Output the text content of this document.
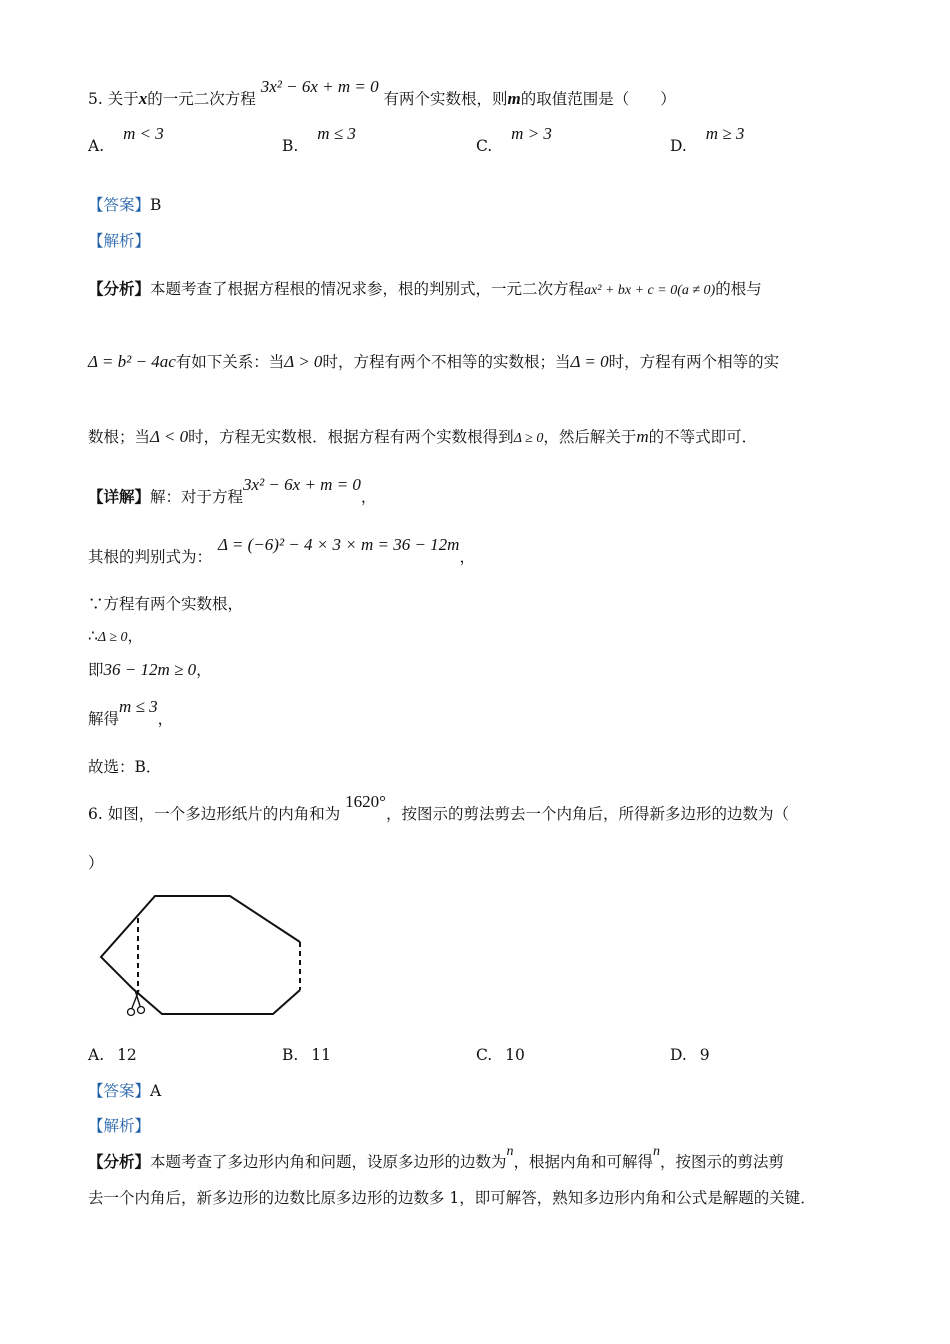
5. 关于x的一元二次方程 3x² − 6x + m = 0 有两个实数根，则m的取值范围是（　　）
A. m < 3
B. m ≤ 3
C. m > 3
D. m ≥ 3
【答案】B
【解析】
【分析】本题考查了根据方程根的情况求参，根的判别式，一元二次方程ax² + bx + c = 0(a ≠ 0)的根与
Δ = b² − 4ac有如下关系：当Δ > 0时，方程有两个不相等的实数根；当Δ = 0时，方程有两个相等的实
数根；当Δ < 0时，方程无实数根．根据方程有两个实数根得到Δ ≥ 0，然后解关于m的不等式即可．
【详解】解：对于方程3x² − 6x + m = 0，
其根的判别式为：Δ = (−6)² − 4 × 3 × m = 36 − 12m，
∵方程有两个实数根，
∴Δ ≥ 0，
即36 − 12m ≥ 0，
解得m ≤ 3，
故选：B．
6. 如图，一个多边形纸片的内角和为 1620°，按图示的剪法剪去一个内角后，所得新多边形的边数为（
）
A. 12	B. 11	C. 10	D. 9
【答案】A
【解析】
【分析】本题考查了多边形内角和问题，设原多边形的边数为n，根据内角和可解得n，按图示的剪法剪
去一个内角后，新多边形的边数比原多边形的边数多 1，即可解答，熟知多边形内角和公式是解题的关键．
